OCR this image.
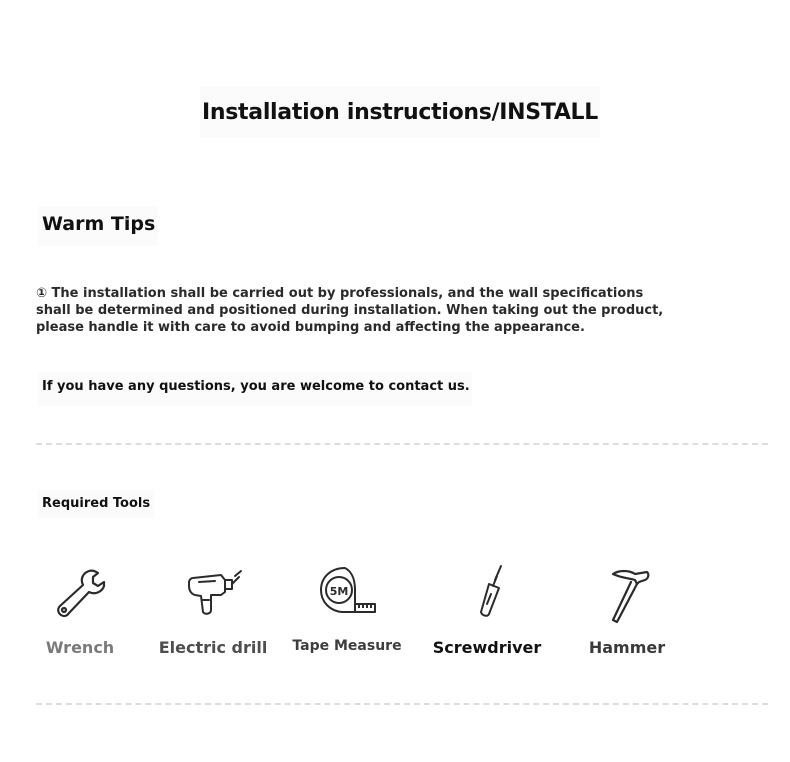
Installation instructions/INSTALL
Warm Tips
① The installation shall be carried out by professionals, and the wall specifications shall be determined and positioned during installation. When taking out the product, please handle it with care to avoid bumping and affecting the appearance.
If you have any questions, you are welcome to contact us.
Required Tools
Wrench	Electric drill
5M
Tape Measure Screwdriver	Hammer
